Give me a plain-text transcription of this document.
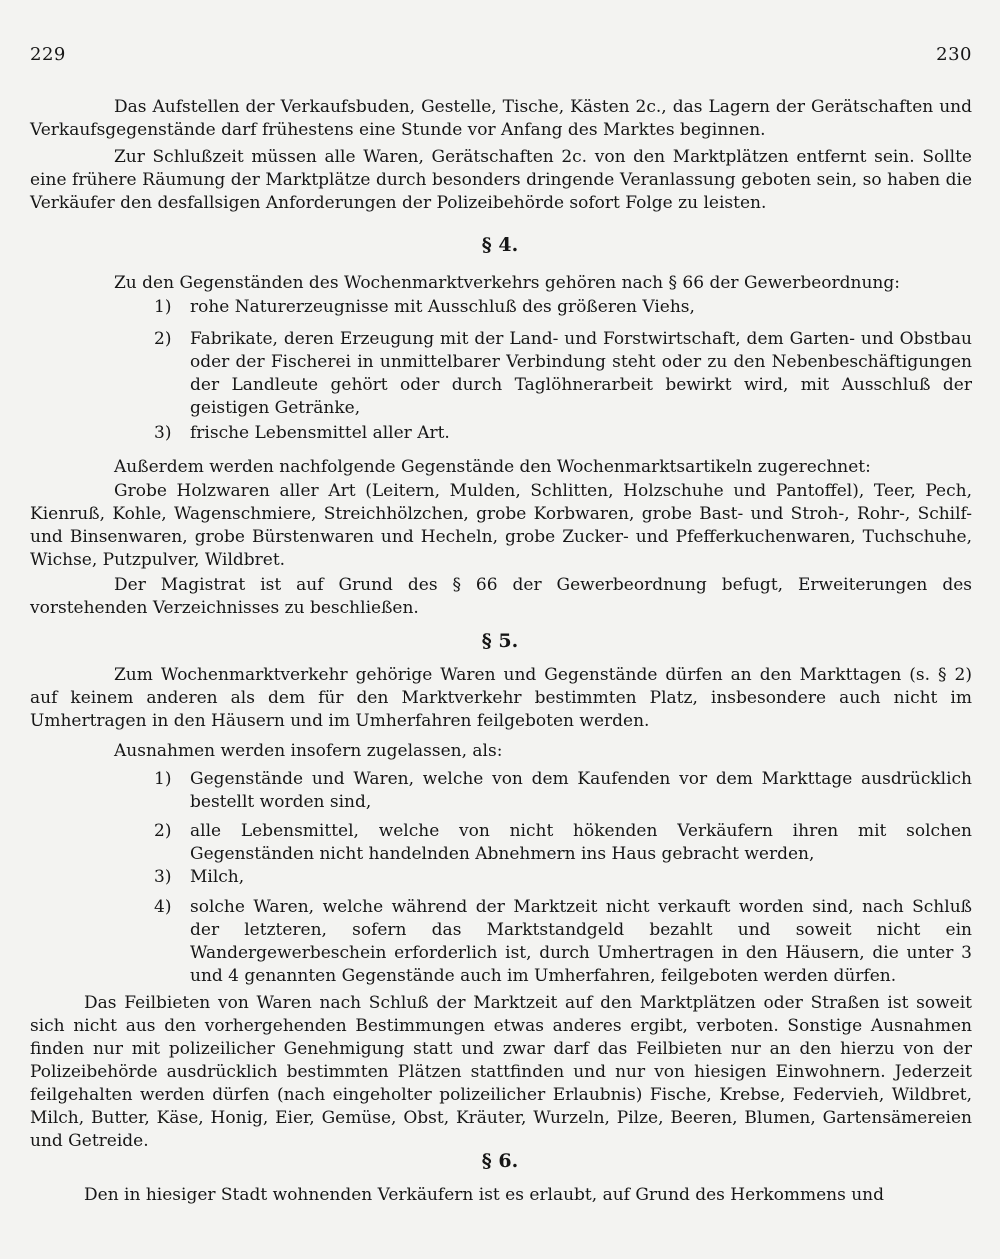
229	230

Das Aufstellen der Verkaufsbuden, Gestelle, Tische, Kästen 2c., das Lagern der Gerätschaften und Verkaufsgegenstände darf frühestens eine Stunde vor Anfang des Marktes beginnen.

Zur Schlußzeit müssen alle Waren, Gerätschaften 2c. von den Marktplätzen entfernt sein. Sollte eine frühere Räumung der Marktplätze durch besonders dringende Veranlassung geboten sein, so haben die Verkäufer den desfallsigen Anforderungen der Polizeibehörde sofort Folge zu leisten.

§ 4.

Zu den Gegenständen des Wochenmarktverkehrs gehören nach § 66 der Gewerbeordnung:

1) rohe Naturerzeugnisse mit Ausschluß des größeren Viehs,
2) Fabrikate, deren Erzeugung mit der Land- und Forstwirtschaft, dem Garten- und Obstbau oder der Fischerei in unmittelbarer Verbindung steht oder zu den Nebenbeschäftigungen der Landleute gehört oder durch Taglöhnerarbeit bewirkt wird, mit Ausschluß der geistigen Getränke,
3) frische Lebensmittel aller Art.

Außerdem werden nachfolgende Gegenstände den Wochenmarktsartikeln zugerechnet:

Grobe Holzwaren aller Art (Leitern, Mulden, Schlitten, Holzschuhe und Pantoffel), Teer, Pech, Kienruß, Kohle, Wagenschmiere, Streichhölzchen, grobe Korbwaren, grobe Bast- und Stroh-, Rohr-, Schilf- und Binsenwaren, grobe Bürstenwaren und Hecheln, grobe Zucker- und Pfefferkuchenwaren, Tuchschuhe, Wichse, Putzpulver, Wildbret.

Der Magistrat ist auf Grund des § 66 der Gewerbeordnung befugt, Erweiterungen des vorstehenden Verzeichnisses zu beschließen.

§ 5.

Zum Wochenmarktverkehr gehörige Waren und Gegenstände dürfen an den Markttagen (s. § 2) auf keinem anderen als dem für den Marktverkehr bestimmten Platz, insbesondere auch nicht im Umhertragen in den Häusern und im Umherfahren feilgeboten werden.

Ausnahmen werden insofern zugelassen, als:

1) Gegenstände und Waren, welche von dem Kaufenden vor dem Markttage ausdrücklich bestellt worden sind,
2) alle Lebensmittel, welche von nicht hökenden Verkäufern ihren mit solchen Gegenständen nicht handelnden Abnehmern ins Haus gebracht werden,
3) Milch,
4) solche Waren, welche während der Marktzeit nicht verkauft worden sind, nach Schluß der letzteren, sofern das Marktstandgeld bezahlt und soweit nicht ein Wandergewerbeschein erforderlich ist, durch Umhertragen in den Häusern, die unter 3 und 4 genannten Gegenstände auch im Umherfahren, feilgeboten werden dürfen.

Das Feilbieten von Waren nach Schluß der Marktzeit auf den Marktplätzen oder Straßen ist soweit sich nicht aus den vorhergehenden Bestimmungen etwas anderes ergibt, verboten. Sonstige Ausnahmen finden nur mit polizeilicher Genehmigung statt und zwar darf das Feilbieten nur an den hierzu von der Polizeibehörde ausdrücklich bestimmten Plätzen stattfinden und nur von hiesigen Einwohnern. Jederzeit feilgehalten werden dürfen (nach eingeholter polizeilicher Erlaubnis) Fische, Krebse, Federvieh, Wildbret, Milch, Butter, Käse, Honig, Eier, Gemüse, Obst, Kräuter, Wurzeln, Pilze, Beeren, Blumen, Gartensämereien und Getreide.

§ 6.

Den in hiesiger Stadt wohnenden Verkäufern ist es erlaubt, auf Grund des Herkommens und
